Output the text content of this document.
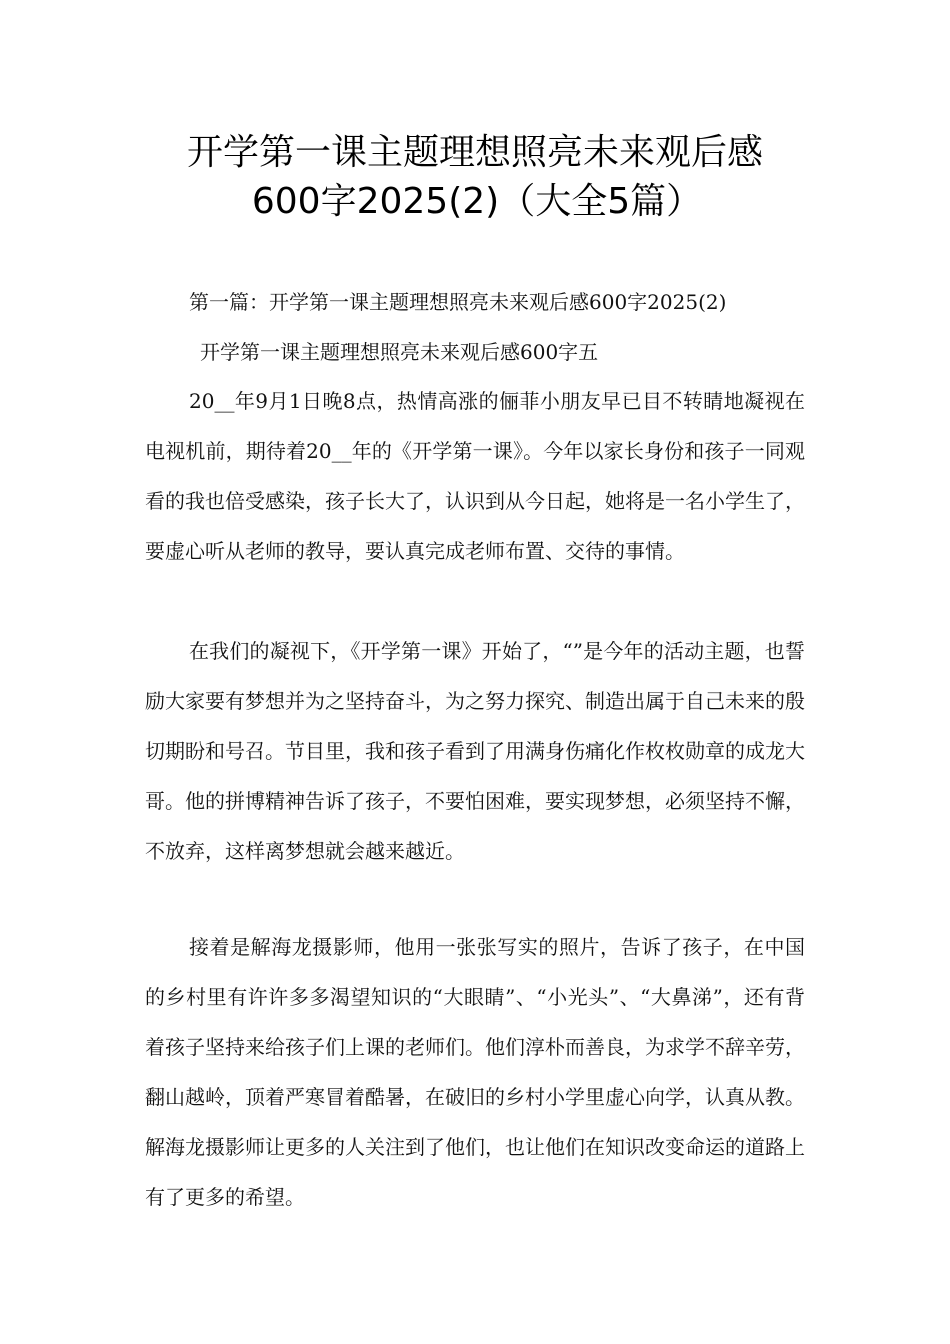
开学第一课主题理想照亮未来观后感
600字2025(2)（大全5篇）
第一篇：开学第一课主题理想照亮未来观后感600字2025(2)
开学第一课主题理想照亮未来观后感600字五

20__年9月1日晚8点，热情高涨的俪菲小朋友早已目不转睛地凝视在电视机前，期待着20__年的《开学第一课》。今年以家长身份和孩子一同观看的我也倍受感染，孩子长大了，认识到从今日起，她将是一名小学生了，要虚心听从老师的教导，要认真完成老师布置、交待的事情。

在我们的凝视下，《开学第一课》开始了，“”是今年的活动主题，也誓励大家要有梦想并为之坚持奋斗，为之努力探究、制造出属于自己未来的殷切期盼和号召。节目里，我和孩子看到了用满身伤痛化作枚枚勋章的成龙大哥。他的拼博精神告诉了孩子，不要怕困难，要实现梦想，必须坚持不懈，不放弃，这样离梦想就会越来越近。

接着是解海龙摄影师，他用一张张写实的照片，告诉了孩子，在中国的乡村里有许许多多渴望知识的“大眼睛”、“小光头”、“大鼻涕”，还有背着孩子坚持来给孩子们上课的老师们。他们淳朴而善良，为求学不辞辛劳，翻山越岭，顶着严寒冒着酷暑，在破旧的乡村小学里虚心向学，认真从教。解海龙摄影师让更多的人关注到了他们，也让他们在知识改变命运的道路上有了更多的希望。
